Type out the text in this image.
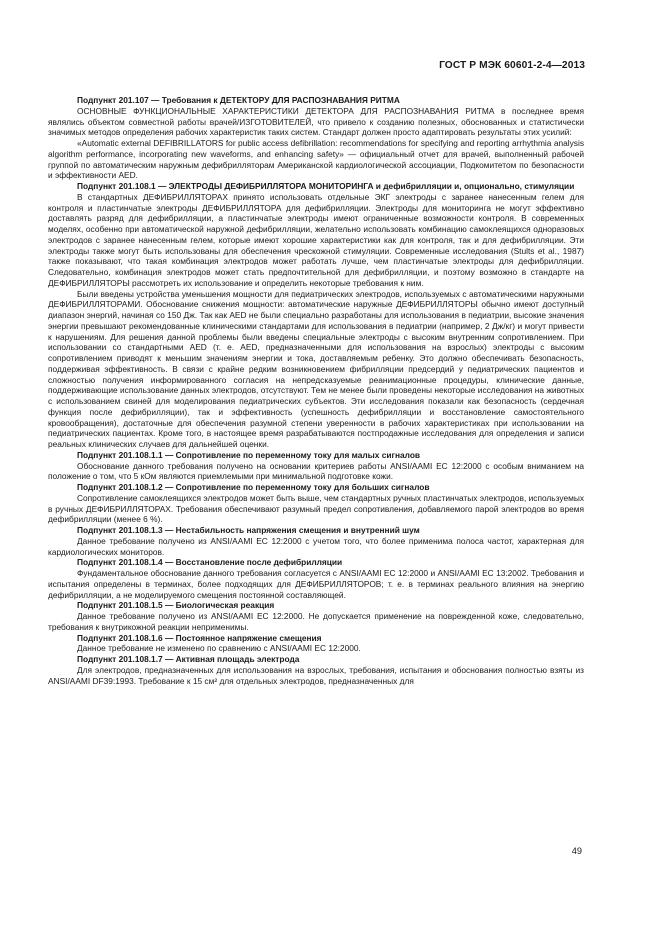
ГОСТ Р МЭК 60601-2-4—2013

Подпункт 201.107 — Требования к ДЕТЕКТОРУ ДЛЯ РАСПОЗНАВАНИЯ РИТМА

ОСНОВНЫЕ ФУНКЦИОНАЛЬНЫЕ ХАРАКТЕРИСТИКИ ДЕТЕКТОРА ДЛЯ РАСПОЗНАВАНИЯ РИТМА в последнее время являлись объектом совместной работы врачей/ИЗГОТОВИТЕЛЕЙ, что привело к созданию полезных, обоснованных и статистически значимых методов определения рабочих характеристик таких систем. Стандарт должен просто адаптировать результаты этих усилий:

«Automatic external DEFIBRILLATORS for public access defibrillation: recommendations for specifying and reporting arrhythmia analysis algorithm performance, incorporating new waveforms, and enhancing safety» — официальный отчет для врачей, выполненный рабочей группой по автоматическим наружным дефибрилляторам Американской кардиологической ассоциации, Подкомитетом по безопасности и эффективности AED.

Подпункт 201.108.1 — ЭЛЕКТРОДЫ ДЕФИБРИЛЛЯТОРА МОНИТОРИНГА и дефибрилляции и, опционально, стимуляции

В стандартных ДЕФИБРИЛЛЯТОРАХ принято использовать отдельные ЭКГ электроды с заранее нанесенным гелем для контроля и пластинчатые электроды ДЕФИБРИЛЛЯТОРА для дефибрилляции. Электроды для мониторинга не могут эффективно доставлять разряд для дефибрилляции, а пластинчатые электроды имеют ограниченные возможности контроля. В современных моделях, особенно при автоматической наружной дефибрилляции, желательно использовать комбинацию самоклеящихся одноразовых электродов с заранее нанесенным гелем, которые имеют хорошие характеристики как для контроля, так и для дефибрилляции. Эти электроды также могут быть использованы для обеспечения чрескожной стимуляции. Современные исследования (Stults et al., 1987) также показывают, что такая комбинация электродов может работать лучше, чем пластинчатые электроды для дефибрилляции. Следовательно, комбинация электродов может стать предпочтительной для дефибрилляции, и поэтому возможно в стандарте на ДЕФИБРИЛЛЯТОРЫ рассмотреть их использование и определить некоторые требования к ним.

Были введены устройства уменьшения мощности для педиатрических электродов, используемых с автоматическими наружными ДЕФИБРИЛЛЯТОРАМИ. Обоснование снижения мощности: автоматические наружные ДЕФИБРИЛЛЯТОРЫ обычно имеют доступный диапазон энергий, начиная со 150 Дж. Так как AED не были специально разработаны для использования в педиатрии, высокие значения энергии превышают рекомендованные клиническими стандартами для использования в педиатрии (например, 2 Дж/кг) и могут привести к нарушениям. Для решения данной проблемы были введены специальные электроды с высоким внутренним сопротивлением. При использовании со стандартными AED (т. е. AED, предназначенными для использования на взрослых) электроды с высоким сопротивлением приводят к меньшим значениям энергии и тока, доставляемым ребенку. Это должно обеспечивать безопасность, поддерживая эффективность. В связи с крайне редким возникновением фибрилляции предсердий у педиатрических пациентов и сложностью получения информированного согласия на непредсказуемые реанимационные процедуры, клинические данные, поддерживающие использование данных электродов, отсутствуют. Тем не менее были проведены некоторые исследования на животных с использованием свиней для моделирования педиатрических субъектов. Эти исследования показали как безопасность (сердечная функция после дефибрилляции), так и эффективность (успешность дефибрилляции и восстановление самостоятельного кровообращения), достаточные для обеспечения разумной степени уверенности в рабочих характеристиках при использовании на педиатрических пациентах. Кроме того, в настоящее время разрабатываются постпродажные исследования для определения и записи реальных клинических случаев для дальнейшей оценки.

Подпункт 201.108.1.1 — Сопротивление по переменному току для малых сигналов

Обоснование данного требования получено на основании критериев работы ANSI/AAMI EC 12:2000 с особым вниманием на положение о том, что 5 кОм являются приемлемыми при минимальной подготовке кожи.

Подпункт 201.108.1.2 — Сопротивление по переменному току для больших сигналов

Сопротивление самоклеящихся электродов может быть выше, чем стандартных ручных пластинчатых электродов, используемых в ручных ДЕФИБРИЛЛЯТОРАХ. Требования обеспечивают разумный предел сопротивления, добавляемого парой электродов во время дефибрилляции (менее 6 %).

Подпункт 201.108.1.3 — Нестабильность напряжения смещения и внутренний шум

Данное требование получено из ANSI/AAMI EC 12:2000 с учетом того, что более применима полоса частот, характерная для кардиологических мониторов.

Подпункт 201.108.1.4 — Восстановление после дефибрилляции

Фундаментальное обоснование данного требования согласуется с ANSI/AAMI EC 12:2000 и ANSI/AAMI EC 13:2002. Требования и испытания определены в терминах, более подходящих для ДЕФИБРИЛЛЯТОРОВ; т. е. в терминах реального влияния на энергию дефибрилляции, а не моделируемого смещения постоянной составляющей.

Подпункт 201.108.1.5 — Биологическая реакция

Данное требование получено из ANSI/AAMI EC 12:2000. Не допускается применение на поврежденной коже, следовательно, требования к внутрикожной реакции неприменимы.

Подпункт 201.108.1.6 — Постоянное напряжение смещения

Данное требование не изменено по сравнению с ANSI/AAMI EC 12:2000.

Подпункт 201.108.1.7 — Активная площадь электрода

Для электродов, предназначенных для использования на взрослых, требования, испытания и обоснования полностью взяты из ANSI/AAMI DF39:1993. Требование к 15 см² для отдельных электродов, предназначенных для

49
